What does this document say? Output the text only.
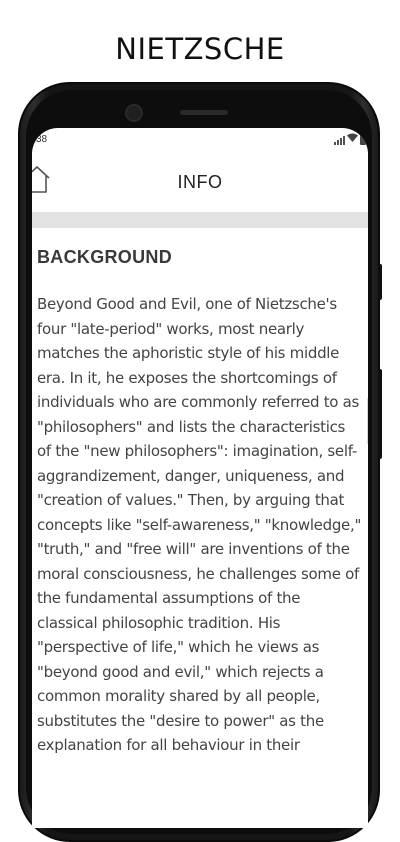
NIETZSCHE
38
INFO
BACKGROUND

Beyond Good and Evil, one of Nietzsche's four "late-period" works, most nearly matches the aphoristic style of his middle era. In it, he exposes the shortcomings of individuals who are commonly referred to as "philosophers" and lists the characteristics of the "new philosophers": imagination, self-aggrandizement, danger, uniqueness, and "creation of values." Then, by arguing that concepts like "self-awareness," "knowledge," "truth," and "free will" are inventions of the moral consciousness, he challenges some of the fundamental assumptions of the classical philosophic tradition. His "perspective of life," which he views as "beyond good and evil," which rejects a common morality shared by all people, substitutes the "desire to power" as the explanation for all behaviour in their
